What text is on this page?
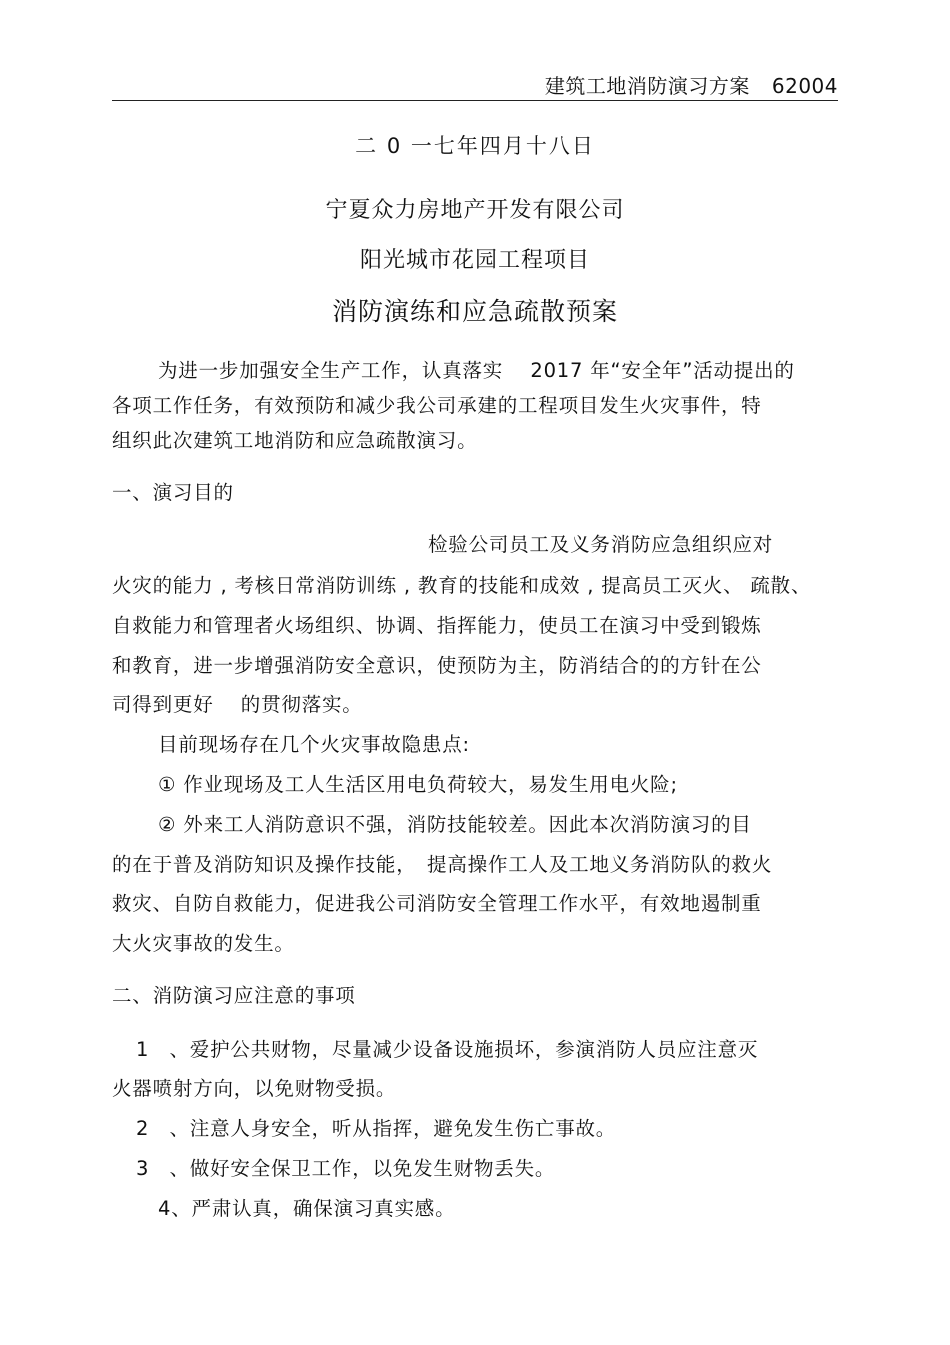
建筑工地消防演习方案 62004
二 0 一七年四月十八日
宁夏众力房地产开发有限公司
阳光城市花园工程项目
消防演练和应急疏散预案
为进一步加强安全生产工作，认真落实　 2017 年“安全年”活动提出的
各项工作任务，有效预防和减少我公司承建的工程项目发生火灾事件，特
组织此次建筑工地消防和应急疏散演习。
一、演习目的
检验公司员工及义务消防应急组织应对
火灾的能力 , 考核日常消防训练 , 教育的技能和成效 , 提高员工灭火、 疏散、
自救能力和管理者火场组织、协调、指挥能力，使员工在演习中受到锻炼
和教育，进一步增强消防安全意识，使预防为主，防消结合的的方针在公
司得到更好　 的贯彻落实。
目前现场存在几个火灾事故隐患点:
① 作业现场及工人生活区用电负荷较大，易发生用电火险;
② 外来工人消防意识不强，消防技能较差。因此本次消防演习的目
的在于普及消防知识及操作技能，　提高操作工人及工地义务消防队的救火
救灾、自防自救能力，促进我公司消防安全管理工作水平，有效地遏制重
大火灾事故的发生。
二、消防演习应注意的事项
1　、爱护公共财物，尽量减少设备设施损坏，参演消防人员应注意灭
火器喷射方向，以免财物受损。
2　、注意人身安全，听从指挥，避免发生伤亡事故。
3　、做好安全保卫工作，以免发生财物丢失。
4、严肃认真，确保演习真实感。
